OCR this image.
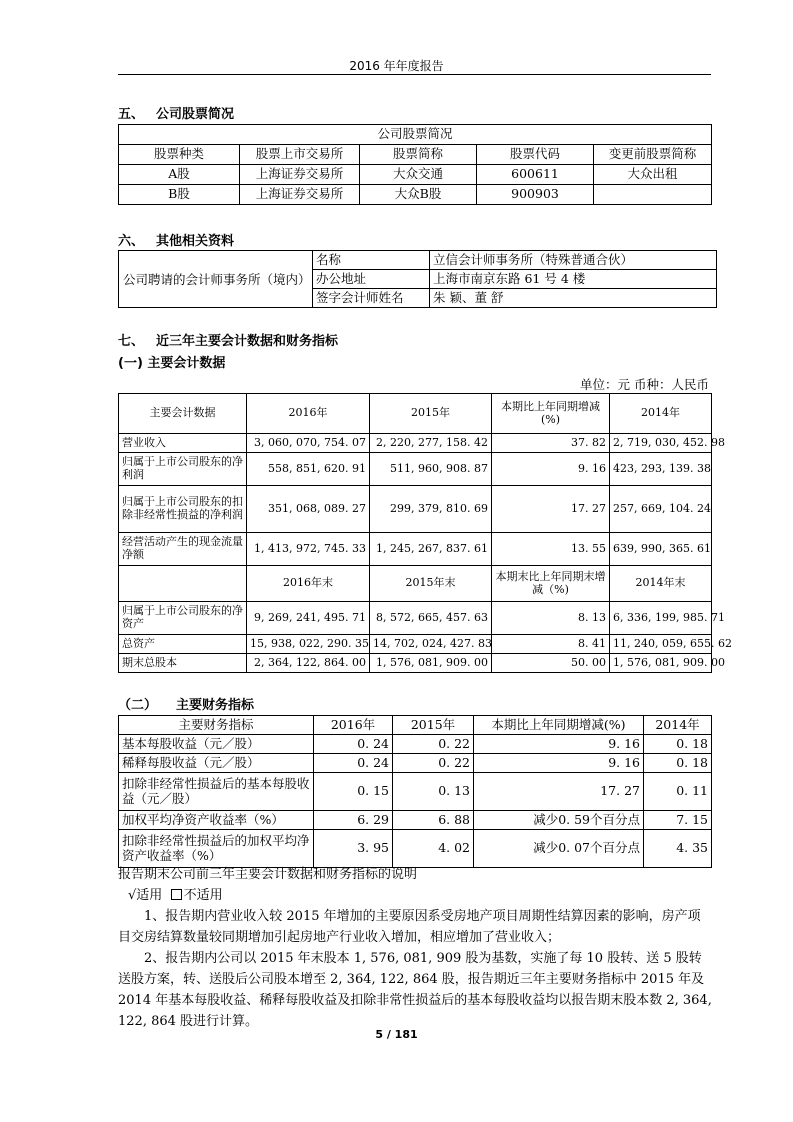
2016 年年度报告
五、 公司股票简况
公司股票简况				
股票种类	股票上市交易所	股票简称	股票代码	变更前股票简称
A股	上海证券交易所	大众交通	600611	大众出租
B股	上海证券交易所	大众B股	900903	
六、 其他相关资料
公司聘请的会计师事务所（境内）	名称	立信会计师事务所（特殊普通合伙）
	办公地址	上海市南京东路 61 号 4 楼
	签字会计师姓名	朱 颖、董 舒
七、 近三年主要会计数据和财务指标
(一) 主要会计数据
单位：元 币种：人民币
主要会计数据	2016年	2015年	本期比上年同期增减(%)	2014年
营业收入	3, 060, 070, 754. 07	2, 220, 277, 158. 42	37. 82	2, 719, 030, 452. 98
归属于上市公司股东的净利润	558, 851, 620. 91	511, 960, 908. 87	9. 16	423, 293, 139. 38
归属于上市公司股东的扣除非经常性损益的净利润	351, 068, 089. 27	299, 379, 810. 69	17. 27	257, 669, 104. 24
经营活动产生的现金流量净额	1, 413, 972, 745. 33	1, 245, 267, 837. 61	13. 55	639, 990, 365. 61
	2016年末	2015年末	本期末比上年同期末增减（%)	2014年末
归属于上市公司股东的净资产	9, 269, 241, 495. 71	8, 572, 665, 457. 63	8. 13	6, 336, 199, 985. 71
总资产	15, 938, 022, 290. 35	14, 702, 024, 427. 83	8. 41	11, 240, 059, 655. 62
期末总股本	2, 364, 122, 864. 00	1, 576, 081, 909. 00	50. 00	1, 576, 081, 909. 00
（二） 主要财务指标
主要财务指标	2016年	2015年	本期比上年同期增减(%)	2014年
基本每股收益（元／股）	0. 24	0. 22	9. 16	0. 18
稀释每股收益（元／股）	0. 24	0. 22	9. 16	0. 18
扣除非经常性损益后的基本每股收益（元／股）	0. 15	0. 13	17. 27	0. 11
加权平均净资产收益率（%）	6. 29	6. 88	减少0. 59个百分点	7. 15
扣除非经常性损益后的加权平均净资产收益率（%）	3. 95	4. 02	减少0. 07个百分点	4. 35

报告期末公司前三年主要会计数据和财务指标的说明

√适用 不适用

1、报告期内营业收入较 2015 年增加的主要原因系受房地产项目周期性结算因素的影响，房产项目交房结算数量较同期增加引起房地产行业收入增加，相应增加了营业收入；

2、报告期内公司以 2015 年末股本 1, 576, 081, 909 股为基数，实施了每 10 股转、送 5 股转送股方案，转、送股后公司股本增至 2, 364, 122, 864 股，报告期近三年主要财务指标中 2015 年及 2014 年基本每股收益、稀释每股收益及扣除非常性损益后的基本每股收益均以报告期末股本数 2, 364, 122, 864 股进行计算。

5 / 181
